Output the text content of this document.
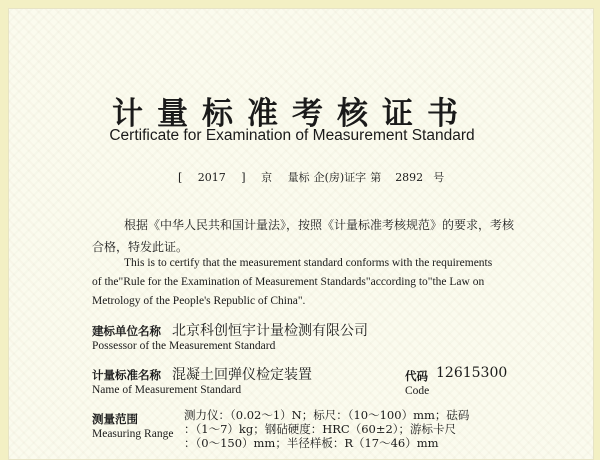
计量标准考核证书
Certificate for Examination of Measurement Standard
[ 2017 ] 京 量标 企(房)证字 第 2892 号
根据《中华人民共和国计量法》，按照《计量标准考核规范》的要求，考核
合格，特发此证。
This is to certify that the measurement standard conforms with the requirements
of the"Rule for the Examination of Measurement Standards"according to"the Law on
Metrology of the People's Republic of China".
建标单位名称 北京科创恒宇计量检测有限公司
Possessor of the Measurement Standard
计量标准名称 混凝土回弹仪检定装置
Name of Measurement Standard
代码 12615300
Code
测量范围
Measuring Range
测力仪：（0.02～1）N；标尺：（10～100）mm；砝码
：（1～7）kg；钢砧硬度：HRC（60±2）；游标卡尺
：（0～150）mm；半径样板：R（17～46）mm
